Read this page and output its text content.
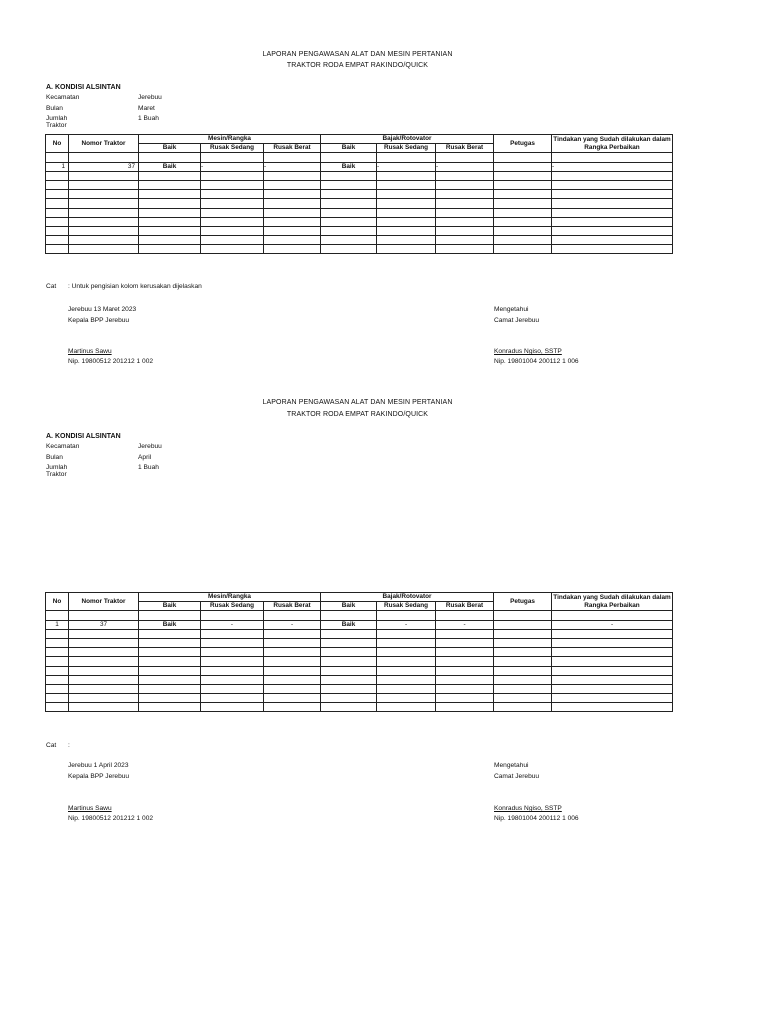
LAPORAN PENGAWASAN ALAT DAN MESIN PERTANIAN
TRAKTOR RODA EMPAT RAKINDO/QUICK
A. KONDISI ALSINTAN
Kecamatan	Jerebuu
Bulan	Maret
Jumlah Traktor
1 Buah
No	Nomor Traktor	Mesin/Rangka			Bajak/Rotovator			Petugas	Tindakan yang Sudah dilakukan dalam Rangka Perbaikan
		Baik	Rusak Sedang	Rusak Berat	Baik	Rusak Sedang	Rusak Berat		

1	37	Baik	-	-	Baik	-	-		-

Cat : Untuk pengisian kolom kerusakan dijelaskan
Jerebuu 13 Maret 2023
Kepala BPP Jerebuu
Martinus Sawu
Nip. 19800512 201212 1 002
Mengetahui
Camat Jerebuu
Konradus Ngiso, SSTP
Nip. 19801004 200112 1 006
LAPORAN PENGAWASAN ALAT DAN MESIN PERTANIAN
TRAKTOR RODA EMPAT RAKINDO/QUICK
A. KONDISI ALSINTAN
Kecamatan	Jerebuu
Bulan	April
Jumlah Traktor
1 Buah
No	Nomor Traktor	Mesin/Rangka			Bajak/Rotovator			Petugas	Tindakan yang Sudah dilakukan dalam Rangka Perbaikan
		Baik	Rusak Sedang	Rusak Berat	Baik	Rusak Sedang	Rusak Berat		

1	37	Baik	-	-	Baik	-	-		-

Cat :
Jerebuu 1 April 2023
Kepala BPP Jerebuu
Martinus Sawu
Nip. 19800512 201212 1 002
Mengetahui
Camat Jerebuu
Konradus Ngiso, SSTP
Nip. 19801004 200112 1 006
